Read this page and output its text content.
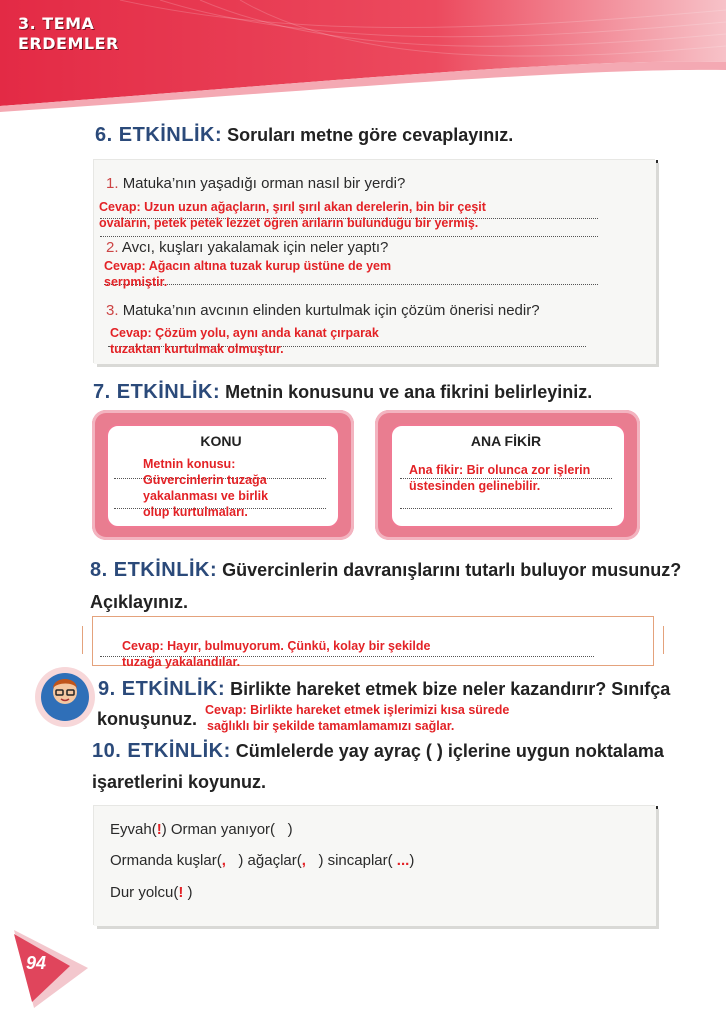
3. TEMA
ERDEMLER
6. ETKİNLİK: Soruları metne göre cevaplayınız.
1. Matuka’nın yaşadığı orman nasıl bir yerdi?
Cevap: Uzun uzun ağaçların, şırıl şırıl akan derelerin, bin bir çeşit
ovaların, petek petek lezzet öğren arıların bulunduğu bir yermiş.
2. Avcı, kuşları yakalamak için neler yaptı?
Cevap: Ağacın altına tuzak kurup üstüne de yem
serpmiştir.
3. Matuka’nın avcının elinden kurtulmak için çözüm önerisi nedir?
Cevap: Çözüm yolu, aynı anda kanat çırparak
tuzaktan kurtulmak olmuştur.
7. ETKİNLİK: Metnin konusunu ve ana fikrini belirleyiniz.
KONU
Metnin konusu:
Güvercinlerin tuzağa
yakalanması ve birlik
olup kurtulmaları.
ANA FİKİR
Ana fikir: Bir olunca zor işlerin
üstesinden gelinebilir.
8. ETKİNLİK: Güvercinlerin davranışlarını tutarlı buluyor musunuz?
Açıklayınız.
Cevap: Hayır, bulmuyorum. Çünkü, kolay bir şekilde
tuzağa yakalandılar.
9. ETKİNLİK: Birlikte hareket etmek bize neler kazandırır? Sınıfça
konuşunuz. Cevap: Birlikte hareket etmek işlerimizi kısa sürede
sağlıklı bir şekilde tamamlamamızı sağlar.
10. ETKİNLİK: Cümlelerde yay ayraç ( ) içlerine uygun noktalama
işaretlerini koyunuz.
Eyvah(!) Orman yanıyor( )
Ormanda kuşlar(, ) ağaçlar(, ) sincaplar( ...)
Dur yolcu(! )
94
